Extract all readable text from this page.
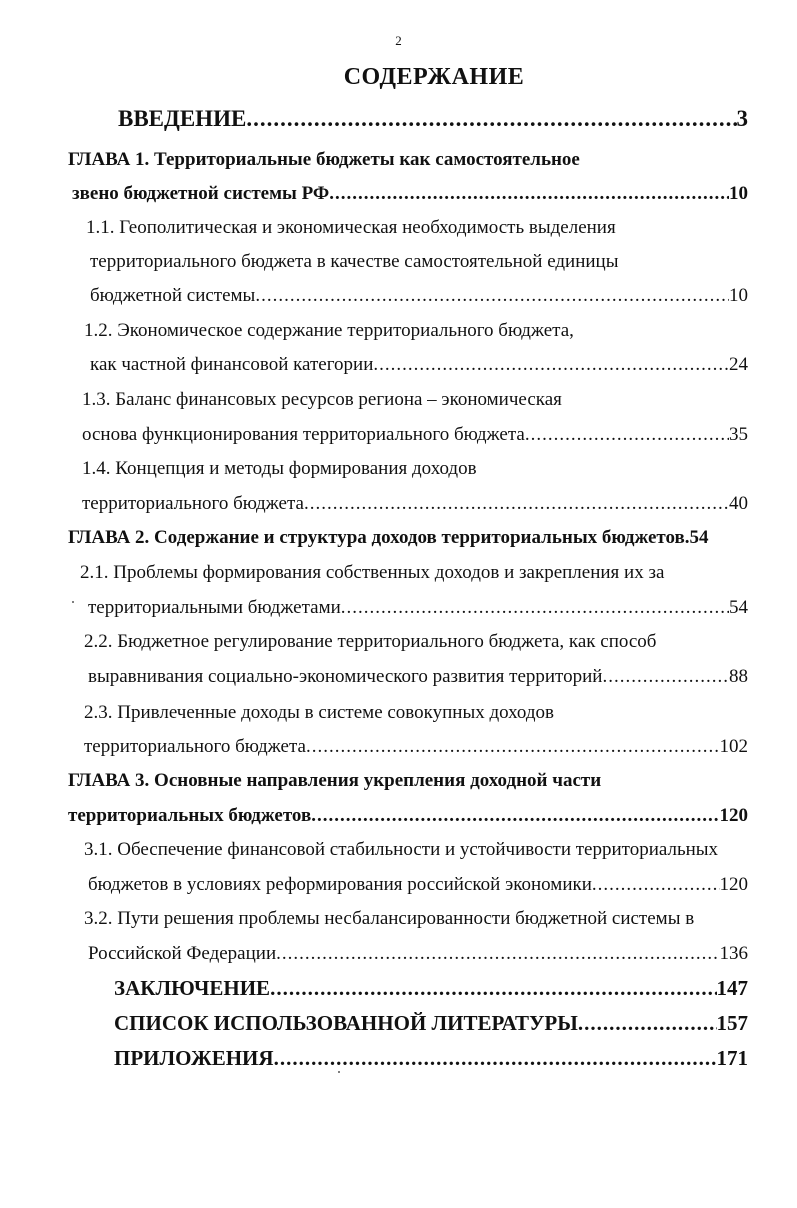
2
СОДЕРЖАНИЕ
ВВЕДЕНИЕ .....	3
ГЛАВА 1. Территориальные бюджеты как самостоятельное
звено бюджетной системы РФ .....	10
1.1. Геополитическая и экономическая необходимость выделения
территориального бюджета в качестве самостоятельной единицы
бюджетной системы .....	10
1.2. Экономическое содержание территориального бюджета,
как частной финансовой категории .....	24
1.3. Баланс финансовых ресурсов региона – экономическая
основа функционирования территориального бюджета .....	35
1.4. Концепция и методы формирования доходов
территориального бюджета .....	40
ГЛАВА 2. Содержание и структура доходов территориальных бюджетов. 54
2.1. Проблемы формирования собственных доходов и закрепления их за
территориальными бюджетами .....	54
2.2. Бюджетное регулирование территориального бюджета, как способ
выравнивания социально-экономического развития территорий .....	88
2.3. Привлеченные доходы в системе совокупных доходов
территориального бюджета .....	102
ГЛАВА 3. Основные направления укрепления доходной части
территориальных бюджетов .....	120
3.1. Обеспечение финансовой стабильности и устойчивости территориальных
бюджетов в условиях реформирования российской экономики .....	120
3.2. Пути решения проблемы несбалансированности бюджетной системы в
Российской Федерации .....	136
ЗАКЛЮЧЕНИЕ .....	147
СПИСОК ИСПОЛЬЗОВАННОЙ ЛИТЕРАТУРЫ .....	157
ПРИЛОЖЕНИЯ .....	171
